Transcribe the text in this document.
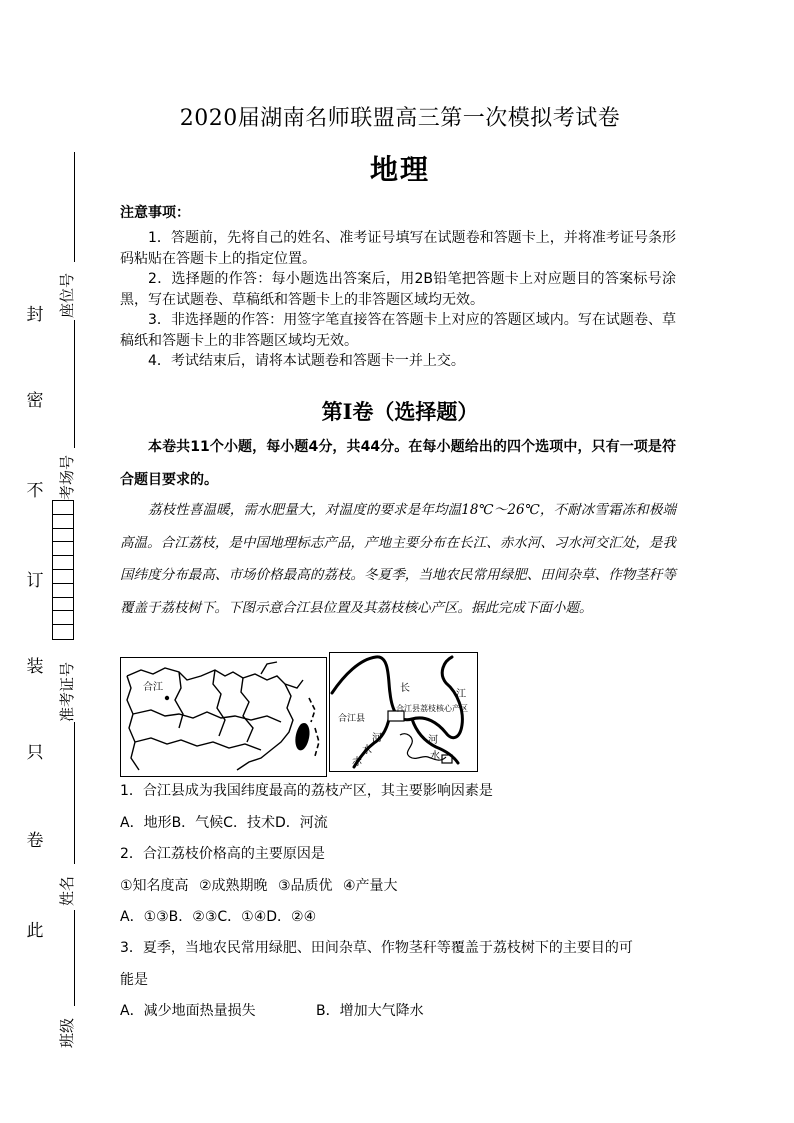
封
密
不
订
装
只
卷
此
座位号
考场号
准考证号
姓名
班级
2020届湖南名师联盟高三第一次模拟考试卷
地理
注意事项：

1．答题前，先将自己的姓名、准考证号填写在试题卷和答题卡上，并将准考证号条形码粘贴在答题卡上的指定位置。

2．选择题的作答：每小题选出答案后，用2B铅笔把答题卡上对应题目的答案标号涂黑，写在试题卷、草稿纸和答题卡上的非答题区域均无效。

3．非选择题的作答：用签字笔直接答在答题卡上对应的答题区域内。写在试题卷、草稿纸和答题卡上的非答题区域均无效。

4．考试结束后，请将本试题卷和答题卡一并上交。

第Ⅰ卷（选择题）

本卷共11个小题，每小题4分，共44分。在每小题给出的四个选项中，只有一项是符合题目要求的。

荔枝性喜温暖，需水肥量大，对温度的要求是年均温18℃～26℃，不耐冰雪霜冻和极端高温。合江荔枝，是中国地理标志产品，产地主要分布在长江、赤水河、习水河交汇处，是我国纬度分布最高、市场价格最高的荔枝。冬夏季，当地农民常用绿肥、田间杂草、作物茎秆等覆盖于荔枝树下。下图示意合江县位置及其荔枝核心产区。据此完成下面小题。

合江	长
江
合江县荔枝核心产区
合江县
河	河
水
水
赤
1．合江县成为我国纬度最高的荔枝产区，其主要影响因素是
A．地形B．气候C．技术D．河流
2．合江荔枝价格高的主要原因是
①知名度高 ②成熟期晚 ③品质优 ④产量大
A．①③B．②③C．①④D．②④
3．夏季，当地农民常用绿肥、田间杂草、作物茎秆等覆盖于荔枝树下的主要目的可
能是
A．减少地面热量损失	B．增加大气降水
